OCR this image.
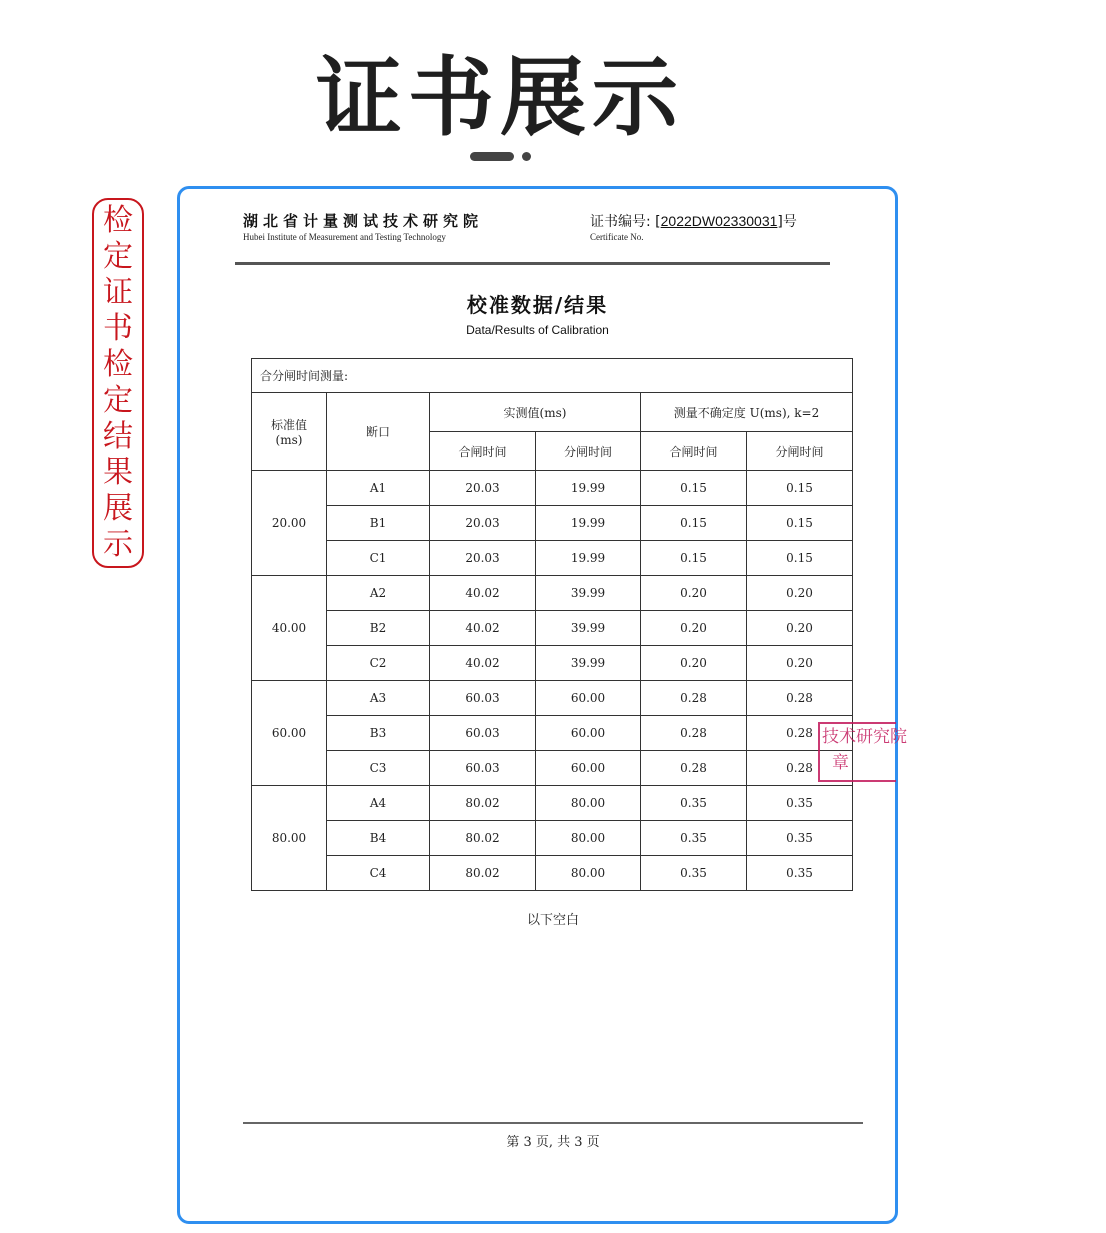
证书展示
检
定
证
书
检
定
结
果
展
示
湖北省计量测试技术研究院
Hubei Institute of Measurement and Testing Technology
证书编号: [2022DW02330031]号
Certificate No.
校准数据/结果
Data/Results of Calibration
合分闸时间测量:					
标准值
(ms)	断口	实测值(ms)		测量不确定度 U(ms), k=2	
		合闸时间	分闸时间	合闸时间	分闸时间
20.00	A1	20.03	19.99	0.15	0.15
	B1	20.03	19.99	0.15	0.15
	C1	20.03	19.99	0.15	0.15
40.00	A2	40.02	39.99	0.20	0.20
	B2	40.02	39.99	0.20	0.20
	C2	40.02	39.99	0.20	0.20
60.00	A3	60.03	60.00	0.28	0.28
	B3	60.03	60.00	0.28	0.28
	C3	60.03	60.00	0.28	0.28
80.00	A4	80.02	80.00	0.35	0.35
	B4	80.02	80.00	0.35	0.35
	C4	80.02	80.00	0.35	0.35
以下空白
第 3 页, 共 3 页
技术研究院
章
